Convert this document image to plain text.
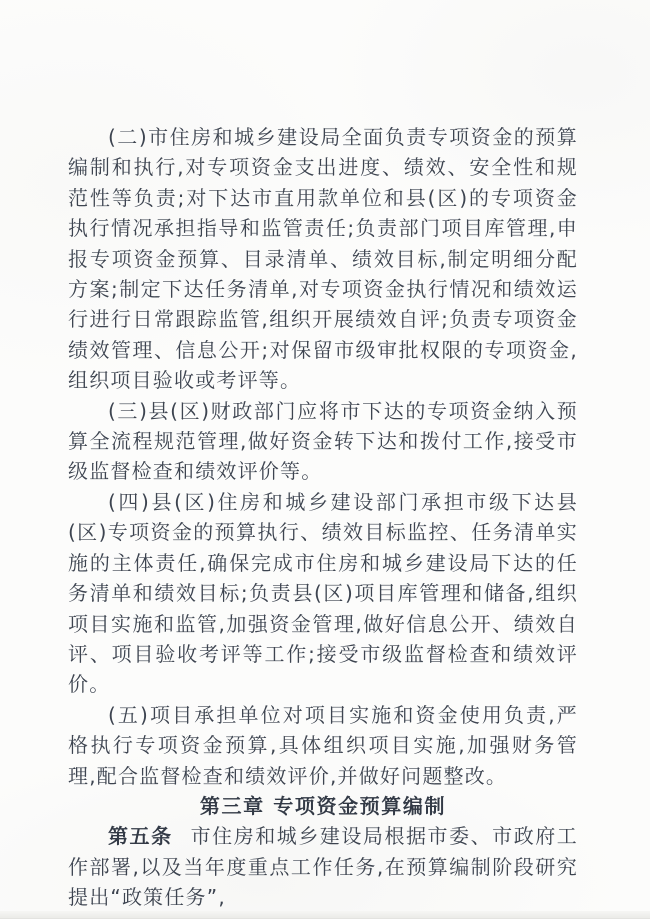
(二)市住房和城乡建设局全面负责专项资金的预算编制和执行,对专项资金支出进度、绩效、安全性和规范性等负责;对下达市直用款单位和县(区)的专项资金执行情况承担指导和监管责任;负责部门项目库管理,申报专项资金预算、目录清单、绩效目标,制定明细分配方案;制定下达任务清单,对专项资金执行情况和绩效运行进行日常跟踪监管,组织开展绩效自评;负责专项资金绩效管理、信息公开;对保留市级审批权限的专项资金,组织项目验收或考评等。

(三)县(区)财政部门应将市下达的专项资金纳入预算全流程规范管理,做好资金转下达和拨付工作,接受市级监督检查和绩效评价等。

(四)县(区)住房和城乡建设部门承担市级下达县(区)专项资金的预算执行、绩效目标监控、任务清单实施的主体责任,确保完成市住房和城乡建设局下达的任务清单和绩效目标;负责县(区)项目库管理和储备,组织项目实施和监管,加强资金管理,做好信息公开、绩效自评、项目验收考评等工作;接受市级监督检查和绩效评价。

(五)项目承担单位对项目实施和资金使用负责,严格执行专项资金预算,具体组织项目实施,加强财务管理,配合监督检查和绩效评价,并做好问题整改。

第三章 专项资金预算编制

第五条 市住房和城乡建设局根据市委、市政府工作部署,以及当年度重点工作任务,在预算编制阶段研究提出“政策任务”,
